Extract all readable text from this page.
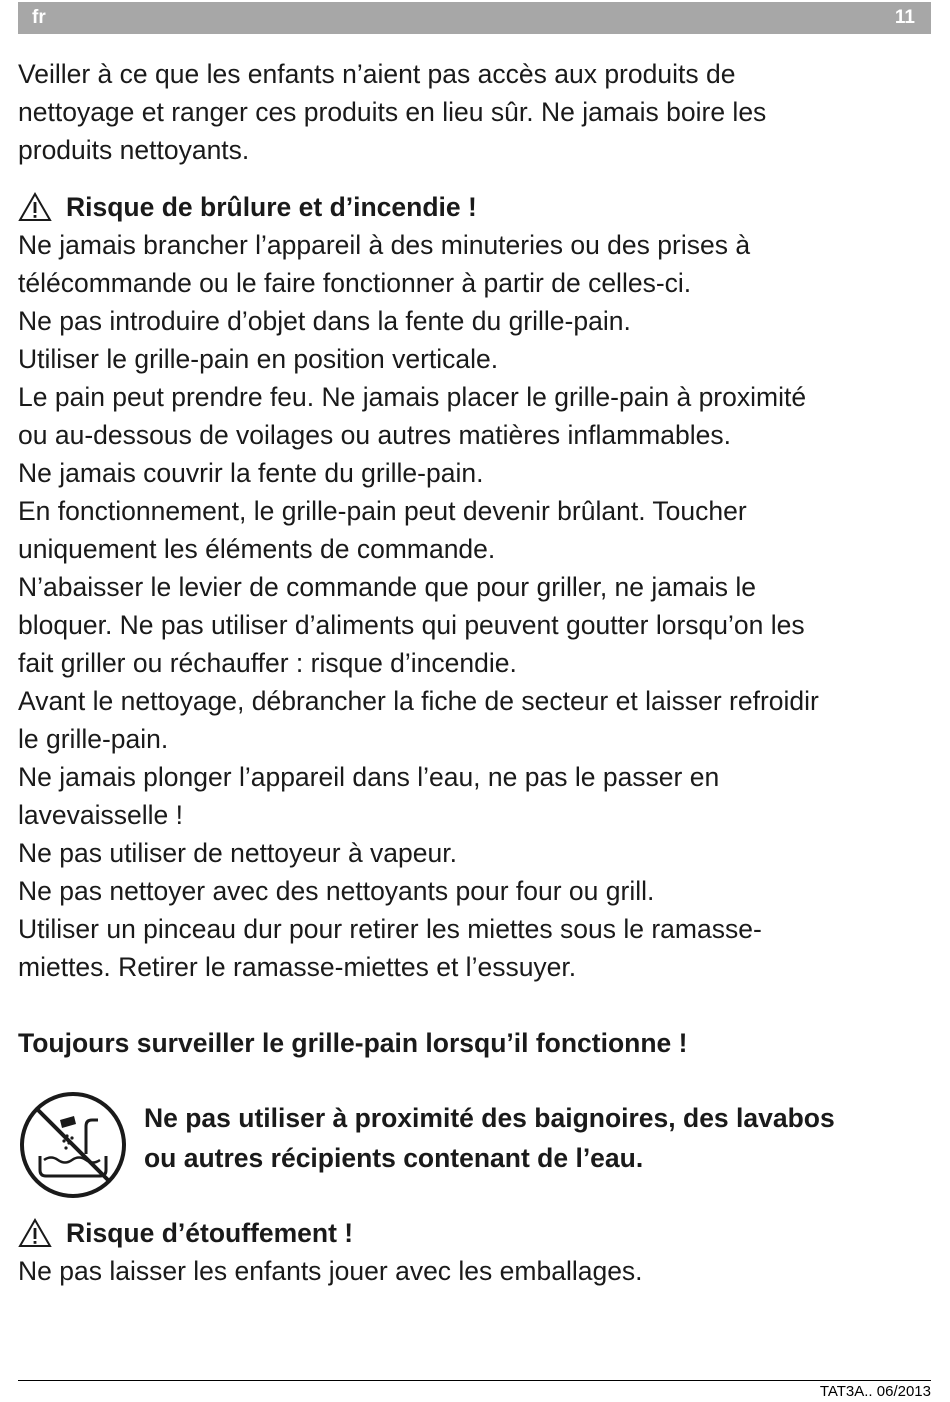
fr	11
Veiller à ce que les enfants n’aient pas accès aux produits de
nettoyage et ranger ces produits en lieu sûr. Ne jamais boire les
produits nettoyants.
Risque de brûlure et d’incendie !
Ne jamais brancher l’appareil à des minuteries ou des prises à
télécommande ou le faire fonctionner à partir de celles-ci.
Ne pas introduire d’objet dans la fente du grille-pain.
Utiliser le grille-pain en position verticale.
Le pain peut prendre feu. Ne jamais placer le grille-pain à proximité
ou au-dessous de voilages ou autres matières inflammables.
Ne jamais couvrir la fente du grille-pain.
En fonctionnement, le grille-pain peut devenir brûlant. Toucher
uniquement les éléments de commande.
N’abaisser le levier de commande que pour griller, ne jamais le
bloquer. Ne pas utiliser d’aliments qui peuvent goutter lorsqu’on les
fait griller ou réchauffer : risque d’incendie.
Avant le nettoyage, débrancher la fiche de secteur et laisser refroidir
le grille-pain.
Ne jamais plonger l’appareil dans l’eau, ne pas le passer en
lavevaisselle !
Ne pas utiliser de nettoyeur à vapeur.
Ne pas nettoyer avec des nettoyants pour four ou grill.
Utiliser un pinceau dur pour retirer les miettes sous le ramasse-
miettes. Retirer le ramasse-miettes et l’essuyer.
Toujours surveiller le grille-pain lorsqu’il fonctionne !
Ne pas utiliser à proximité des baignoires, des lavabos
ou autres récipients contenant de l’eau.
Risque d’étouffement !
Ne pas laisser les enfants jouer avec les emballages.
TAT3A.. 06/2013
